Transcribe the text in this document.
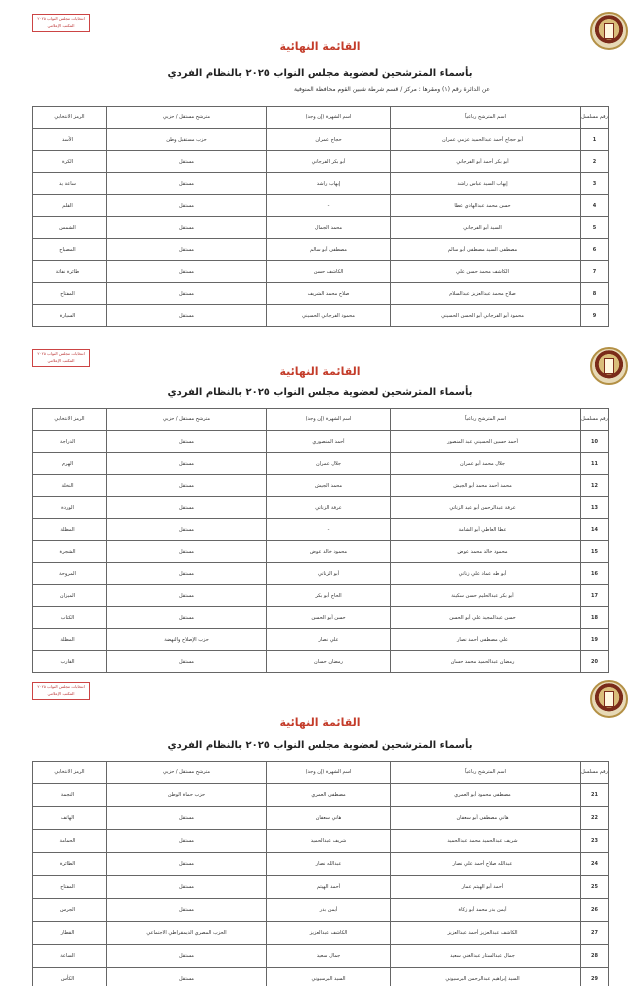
انتخابات مجلس النواب ٢٠٢٥
المكتب الإعلامي
القائمة النهائية
بأسماء المترشحين لعضوية مجلس النواب ٢٠٢٥ بالنظام الفردي
عن الدائرة رقم (١) ومقرها : مركز / قسم شرطة شبين القوم محافظة المنوفية
رقم مسلسل	اسم المترشح رباعياً	اسم الشهرة (إن وجد)	مترشح مستقل / حزبي	الرمز الانتخابي
1	أبو حجاج أحمد عبدالحميد عزمي عمران	حجاج عمران	حزب مستقبل وطن	الأسد
2	أبو بكر أحمد أبو الفرجاني	أبو بكر الفرجاني	مستقل	الكرة
3	إيهاب السيد عباس راشد	إيهاب راشد	مستقل	ساعة يد
4	حسن محمد عبدالهادي عطا	-	مستقل	القلم
5	السيد أبو الفرجاني	محمد الجمال	مستقل	الشمس
6	مصطفى السيد مصطفى أبو سالم	مصطفى أبو سالم	مستقل	المصباح
7	الكاشف محمد حسن علي	الكاشف حسن	مستقل	طائرة نفاثة
8	صلاح محمد عبدالعزيز عبدالسلام	صلاح محمد الشريف	مستقل	المفتاح
9	محمود أبو الفرجاني أبو الحسن الحسيني	محمود الفرجاني الحسيني	مستقل	السيارة
انتخابات مجلس النواب ٢٠٢٥
المكتب الإعلامي
القائمة النهائية
بأسماء المترشحين لعضوية مجلس النواب ٢٠٢٥ بالنظام الفردي
رقم مسلسل	اسم المترشح رباعياً	اسم الشهرة (إن وجد)	مترشح مستقل / حزبي	الرمز الانتخابي
10	أحمد حسين الحسيني عبد المنصور	أحمد المنصوري	مستقل	الدراجة
11	جلال محمد أبو عمران	جلال عمران	مستقل	الهرم
12	محمد أحمد محمد أبو الجيش	محمد الجيش	مستقل	النخلة
13	عرفة عبدالرحمن أبو عيد الزناتي	عرفة الزناتي	مستقل	الوردة
14	عطا العاطي أبو الشامة	-	مستقل	المظلة
15	محمود خالد محمد عوض	محمود خالد عوض	مستقل	الشجرة
16	أبو طه عماد علي زناتي	أبو الزناتي	مستقل	المروحة
17	أبو بكر عبدالحليم حسن سكينة	الحاج أبو بكر	مستقل	الميزان
18	حسن عبدالمجيد علي أبو الحسن	حسن أبو الحسن	مستقل	الكتاب
19	علي مصطفى أحمد نصار	علي نصار	حزب الإصلاح والنهضة	المظلة
20	رمضان عبدالحميد محمد حسان	رمضان حسان	مستقل	القارب
انتخابات مجلس النواب ٢٠٢٥
المكتب الإعلامي
القائمة النهائية
بأسماء المترشحين لعضوية مجلس النواب ٢٠٢٥ بالنظام الفردي
رقم مسلسل	اسم المترشح رباعياً	اسم الشهرة (إن وجد)	مترشح مستقل / حزبي	الرمز الانتخابي
21	مصطفى محمود أبو العمري	مصطفى العمري	حزب حماة الوطن	النجمة
22	هاني مصطفى أبو سعفان	هاني سعفان	مستقل	الهاتف
23	شريف عبدالحميد محمد عبدالحميد	شريف عبدالحميد	مستقل	الحمامة
24	عبدالله صلاح أحمد علي نصار	عبدالله نصار	مستقل	الطائرة
25	أحمد أبو الهيثم عمار	أحمد الهيثم	مستقل	المفتاح
26	أيمن بدر محمد أبو زكاة	أيمن بدر	مستقل	الجرس
27	الكاشف عبدالعزيز أحمد عبدالعزيز	الكاشف عبدالعزيز	الحزب المصري الديمقراطي الاجتماعي	القطار
28	جمال عبدالستار عبدالغني سعيد	جمال سعيد	مستقل	الساعة
29	السيد إبراهيم عبدالرحمن البرسيوني	السيد البرسيوني	مستقل	الكأس
